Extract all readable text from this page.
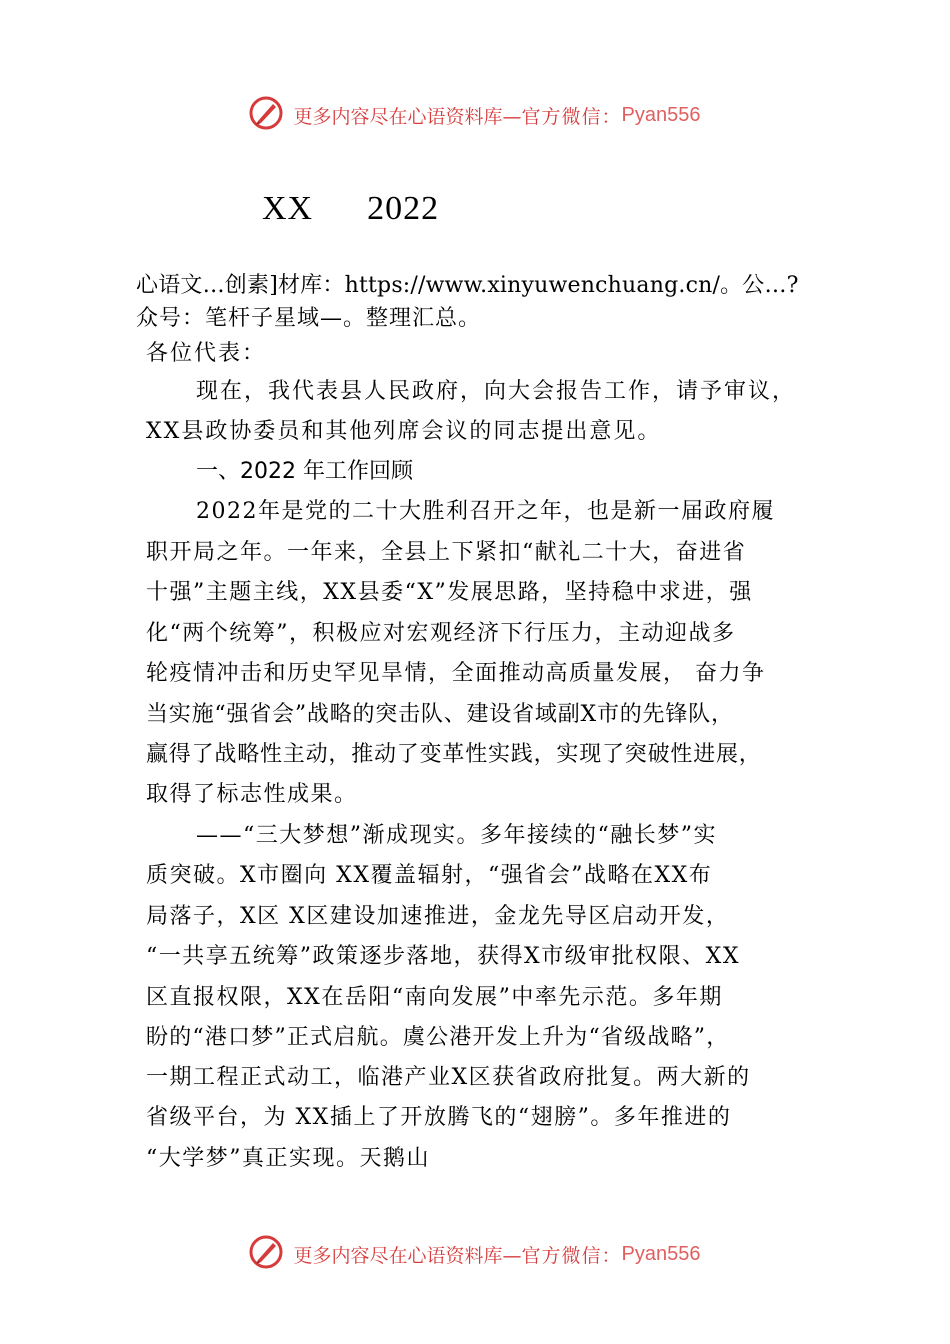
更多内容尽在心语资料库—官方微信：Pyan556
XX 2022
心语文…创素]材库：https://www.xinyuwenchuang.cn/。公…?
众号：笔杆子星域—。整理汇总。
各位代表：
现在，我代表县人民政府，向大会报告工作，请予审议，
XX县政协委员和其他列席会议的同志提出意见。
一、2022 年工作回顾
2022年是党的二十大胜利召开之年，也是新一届政府履
职开局之年。一年来，全县上下紧扣“献礼二十大，奋进省
十强”主题主线，XX县委“X”发展思路，坚持稳中求进，强
化“两个统筹”，积极应对宏观经济下行压力，主动迎战多
轮疫情冲击和历史罕见旱情，全面推动高质量发展， 奋力争
当实施“强省会”战略的突击队、建设省域副X市的先锋队，
赢得了战略性主动，推动了变革性实践，实现了突破性进展，
取得了标志性成果。
——“三大梦想”渐成现实。多年接续的“融长梦”实
质突破。X市圈向 XX覆盖辐射，“强省会”战略在XX布
局落子，X区 X区建设加速推进，金龙先导区启动开发，
“一共享五统筹”政策逐步落地，获得X市级审批权限、XX
区直报权限，XX在岳阳“南向发展”中率先示范。多年期
盼的“港口梦”正式启航。虞公港开发上升为“省级战略”，
一期工程正式动工，临港产业X区获省政府批复。两大新的
省级平台，为 XX插上了开放腾飞的“翅膀”。多年推进的
“大学梦”真正实现。天鹅山
更多内容尽在心语资料库—官方微信：Pyan556
